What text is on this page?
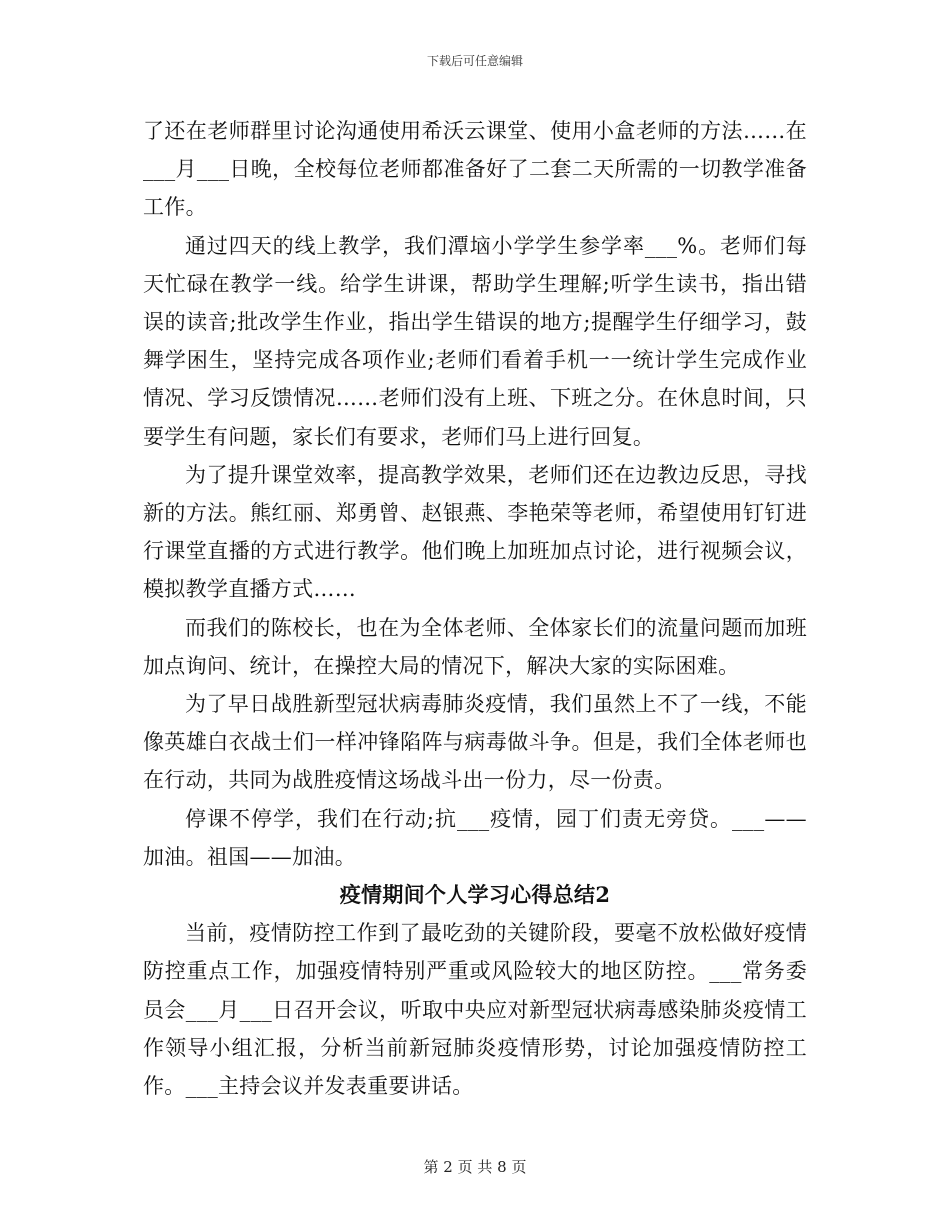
下载后可任意编辑

了还在老师群里讨论沟通使用希沃云课堂、使用小盒老师的方法……在___月___日晚，全校每位老师都准备好了二套二天所需的一切教学准备工作。

通过四天的线上教学，我们潭垴小学学生参学率___%。老师们每天忙碌在教学一线。给学生讲课，帮助学生理解;听学生读书，指出错误的读音;批改学生作业，指出学生错误的地方;提醒学生仔细学习，鼓舞学困生，坚持完成各项作业;老师们看着手机一一统计学生完成作业情况、学习反馈情况……老师们没有上班、下班之分。在休息时间，只要学生有问题，家长们有要求，老师们马上进行回复。

为了提升课堂效率，提高教学效果，老师们还在边教边反思，寻找新的方法。熊红丽、郑勇曾、赵银燕、李艳荣等老师，希望使用钉钉进行课堂直播的方式进行教学。他们晚上加班加点讨论，进行视频会议，模拟教学直播方式……

而我们的陈校长，也在为全体老师、全体家长们的流量问题而加班加点询问、统计，在操控大局的情况下，解决大家的实际困难。

为了早日战胜新型冠状病毒肺炎疫情，我们虽然上不了一线，不能像英雄白衣战士们一样冲锋陷阵与病毒做斗争。但是，我们全体老师也在行动，共同为战胜疫情这场战斗出一份力，尽一份责。

停课不停学，我们在行动;抗___疫情，园丁们责无旁贷。___——加油。祖国——加油。

疫情期间个人学习心得总结2

当前，疫情防控工作到了最吃劲的关键阶段，要毫不放松做好疫情防控重点工作，加强疫情特别严重或风险较大的地区防控。___常务委员会___月___日召开会议，听取中央应对新型冠状病毒感染肺炎疫情工作领导小组汇报，分析当前新冠肺炎疫情形势，讨论加强疫情防控工作。___主持会议并发表重要讲话。

第 2 页 共 8 页
